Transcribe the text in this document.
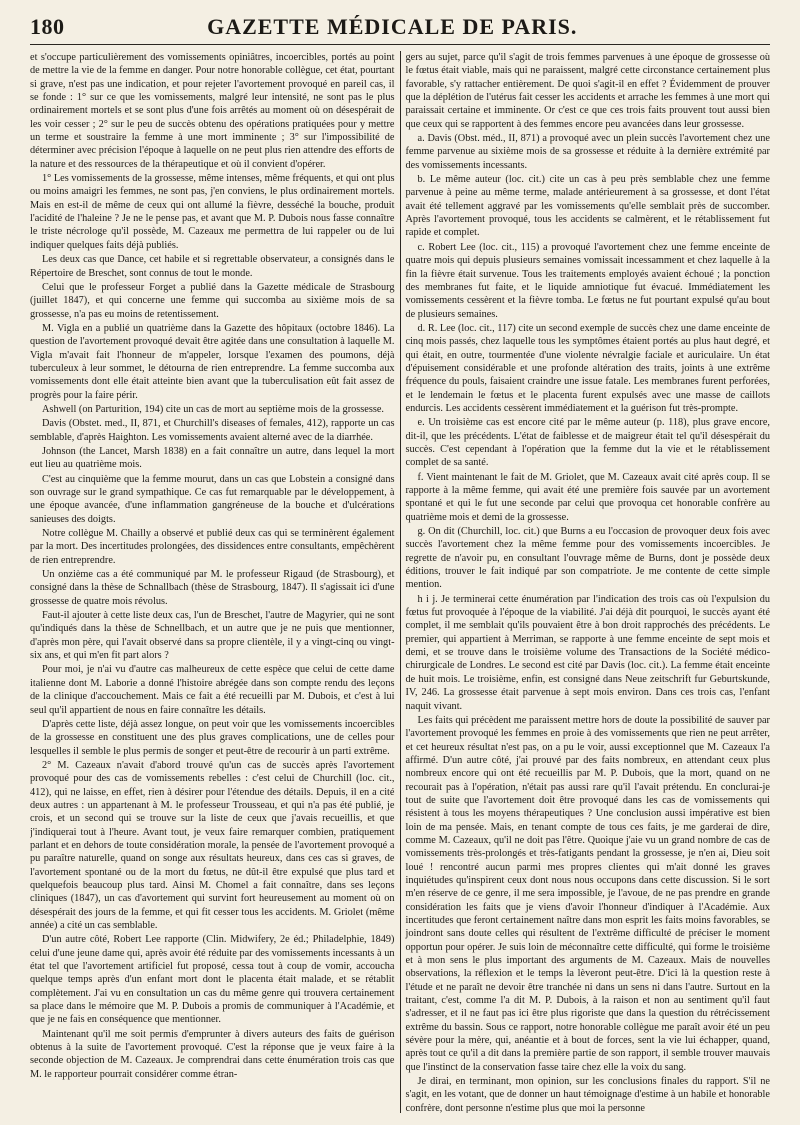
180	GAZETTE MÉDICALE DE PARIS.

et s'occupe particulièrement des vomissements opiniâtres, incoercibles, portés au point de mettre la vie de la femme en danger. Pour notre honorable collègue, cet état, pourtant si grave, n'est pas une indication, et pour rejeter l'avortement provoqué en pareil cas, il se fonde : 1° sur ce que les vomissements, malgré leur intensité, ne sont pas le plus ordinairement mortels et se sont plus d'une fois arrêtés au moment où on désespérait de les voir cesser ; 2° sur le peu de succès obtenu des opérations pratiquées pour y mettre un terme et soustraire la femme à une mort imminente ; 3° sur l'impossibilité de déterminer avec précision l'époque à laquelle on ne peut plus rien attendre des efforts de la nature et des ressources de la thérapeutique et où il convient d'opérer.

1° Les vomissements de la grossesse, même intenses, même fréquents, et qui ont plus ou moins amaigri les femmes, ne sont pas, j'en conviens, le plus ordinairement mortels. Mais en est-il de même de ceux qui ont allumé la fièvre, desséché la bouche, produit l'acidité de l'haleine ? Je ne le pense pas, et avant que M. P. Dubois nous fasse connaître le triste nécrologe qu'il possède, M. Cazeaux me permettra de lui rappeler ou de lui indiquer quelques faits déjà publiés.

Les deux cas que Dance, cet habile et si regrettable observateur, a consignés dans le Répertoire de Breschet, sont connus de tout le monde.

Celui que le professeur Forget a publié dans la Gazette médicale de Strasbourg (juillet 1847), et qui concerne une femme qui succomba au sixième mois de sa grossesse, n'a pas eu moins de retentissement.

M. Vigla en a publié un quatrième dans la Gazette des hôpitaux (octobre 1846). La question de l'avortement provoqué devait être agitée dans une consultation à laquelle M. Vigla m'avait fait l'honneur de m'appeler, lorsque l'examen des poumons, déjà tuberculeux à leur sommet, le détourna de rien entreprendre. La femme succomba aux vomissements dont elle était atteinte bien avant que la tuberculisation eût fait assez de progrès pour la faire périr.

Ashwell (on Parturition, 194) cite un cas de mort au septième mois de la grossesse.

Davis (Obstet. med., II, 871, et Churchill's diseases of females, 412), rapporte un cas semblable, d'après Haighton. Les vomissements avaient alterné avec de la diarrhée.

Johnson (the Lancet, Marsh 1838) en a fait connaître un autre, dans lequel la mort eut lieu au quatrième mois.

C'est au cinquième que la femme mourut, dans un cas que Lobstein a consigné dans son ouvrage sur le grand sympathique. Ce cas fut remarquable par le développement, à une époque avancée, d'une inflammation gangréneuse de la bouche et d'ulcérations sanieuses des doigts.

Notre collègue M. Chailly a observé et publié deux cas qui se terminèrent également par la mort. Des incertitudes prolongées, des dissidences entre consultants, empêchèrent de rien entreprendre.

Un onzième cas a été communiqué par M. le professeur Rigaud (de Strasbourg), et consigné dans la thèse de Schnallbach (thèse de Strasbourg, 1847). Il s'agissait ici d'une grossesse de quatre mois révolus.

Faut-il ajouter à cette liste deux cas, l'un de Breschet, l'autre de Magyrier, qui ne sont qu'indiqués dans la thèse de Schnellbach, et un autre que je ne puis que mentionner, d'après mon père, qui l'avait observé dans sa propre clientèle, il y a vingt-cinq ou vingt-six ans, et qui m'en fit part alors ?

Pour moi, je n'ai vu d'autre cas malheureux de cette espèce que celui de cette dame italienne dont M. Laborie a donné l'histoire abrégée dans son compte rendu des leçons de la clinique d'accouchement. Mais ce fait a été recueilli par M. Dubois, et c'est à lui seul qu'il appartient de nous en faire connaître les détails.

D'après cette liste, déjà assez longue, on peut voir que les vomissements incoercibles de la grossesse en constituent une des plus graves complications, une de celles pour lesquelles il semble le plus permis de songer et peut-être de recourir à un parti extrême.

2° M. Cazeaux n'avait d'abord trouvé qu'un cas de succès après l'avortement provoqué pour des cas de vomissements rebelles : c'est celui de Churchill (loc. cit., 412), qui ne laisse, en effet, rien à désirer pour l'étendue des détails. Depuis, il en a cité deux autres : un appartenant à M. le professeur Trousseau, et qui n'a pas été publié, je crois, et un second qui se trouve sur la liste de ceux que j'avais recueillis, et que j'indiquerai tout à l'heure. Avant tout, je veux faire remarquer combien, pratiquement parlant et en dehors de toute considération morale, la pensée de l'avortement provoqué a pu paraître naturelle, quand on songe aux résultats heureux, dans ces cas si graves, de l'avortement spontané ou de la mort du fœtus, ne dût-il être expulsé que plus tard et quelquefois beaucoup plus tard. Ainsi M. Chomel a fait connaître, dans ses leçons cliniques (1847), un cas d'avortement qui survint fort heureusement au moment où on désespérait des jours de la femme, et qui fit cesser tous les accidents. M. Griolet (même année) a cité un cas semblable.

D'un autre côté, Robert Lee rapporte (Clin. Midwifery, 2e éd.; Philadelphie, 1849) celui d'une jeune dame qui, après avoir été réduite par des vomissements incessants à un état tel que l'avortement artificiel fut proposé, cessa tout à coup de vomir, accoucha quelque temps après d'un enfant mort dont le placenta était malade, et se rétablit complètement. J'ai vu en consultation un cas du même genre qui trouvera certainement sa place dans le mémoire que M. P. Dubois a promis de communiquer à l'Académie, et que je ne fais en conséquence que mentionner.

Maintenant qu'il me soit permis d'emprunter à divers auteurs des faits de guérison obtenus à la suite de l'avortement provoqué. C'est la réponse que je veux faire à la seconde objection de M. Cazeaux. Je comprendrai dans cette énumération trois cas que M. le rapporteur pourrait considérer comme étran-

gers au sujet, parce qu'il s'agit de trois femmes parvenues à une époque de grossesse où le fœtus était viable, mais qui ne paraissent, malgré cette circonstance certainement plus favorable, s'y rattacher entièrement. De quoi s'agit-il en effet ? Évidemment de prouver que la déplétion de l'utérus fait cesser les accidents et arrache les femmes à une mort qui paraissait certaine et imminente. Or c'est ce que ces trois faits prouvent tout aussi bien que ceux qui se rapportent à des femmes encore peu avancées dans leur grossesse.

a. Davis (Obst. méd., II, 871) a provoqué avec un plein succès l'avortement chez une femme parvenue au sixième mois de sa grossesse et réduite à la dernière extrémité par des vomissements incessants.

b. Le même auteur (loc. cit.) cite un cas à peu près semblable chez une femme parvenue à peine au même terme, malade antérieurement à sa grossesse, et dont l'état avait été tellement aggravé par les vomissements qu'elle semblait près de succomber. Après l'avortement provoqué, tous les accidents se calmèrent, et le rétablissement fut rapide et complet.

c. Robert Lee (loc. cit., 115) a provoqué l'avortement chez une femme enceinte de quatre mois qui depuis plusieurs semaines vomissait incessamment et chez laquelle à la fin la fièvre était survenue. Tous les traitements employés avaient échoué ; la ponction des membranes fut faite, et le liquide amniotique fut évacué. Immédiatement les vomissements cessèrent et la fièvre tomba. Le fœtus ne fut pourtant expulsé qu'au bout de plusieurs semaines.

d. R. Lee (loc. cit., 117) cite un second exemple de succès chez une dame enceinte de cinq mois passés, chez laquelle tous les symptômes étaient portés au plus haut degré, et qui était, en outre, tourmentée d'une violente névralgie faciale et auriculaire. Un état d'épuisement considérable et une profonde altération des traits, joints à une extrême fréquence du pouls, faisaient craindre une issue fatale. Les membranes furent perforées, et le lendemain le fœtus et le placenta furent expulsés avec une masse de caillots endurcis. Les accidents cessèrent immédiatement et la guérison fut très-prompte.

e. Un troisième cas est encore cité par le même auteur (p. 118), plus grave encore, dit-il, que les précédents. L'état de faiblesse et de maigreur était tel qu'il désespérait du succès. C'est cependant à l'opération que la femme dut la vie et le rétablissement complet de sa santé.

f. Vient maintenant le fait de M. Griolet, que M. Cazeaux avait cité après coup. Il se rapporte à la même femme, qui avait été une première fois sauvée par un avortement spontané et qui le fut une seconde par celui que provoqua cet honorable confrère au quatrième mois et demi de la grossesse.

g. On dit (Churchill, loc. cit.) que Burns a eu l'occasion de provoquer deux fois avec succès l'avortement chez la même femme pour des vomissements incoercibles. Je regrette de n'avoir pu, en consultant l'ouvrage même de Burns, dont je possède deux éditions, trouver le fait indiqué par son compatriote. Je me contente de cette simple mention.

h i j. Je terminerai cette énumération par l'indication des trois cas où l'expulsion du fœtus fut provoquée à l'époque de la viabilité. J'ai déjà dit pourquoi, le succès ayant été complet, il me semblait qu'ils pouvaient être à bon droit rapprochés des précédents. Le premier, qui appartient à Merriman, se rapporte à une femme enceinte de sept mois et demi, et se trouve dans le troisième volume des Transactions de la Société médico-chirurgicale de Londres. Le second est cité par Davis (loc. cit.). La femme était enceinte de huit mois. Le troisième, enfin, est consigné dans Neue zeitschrift fur Geburtskunde, IV, 246. La grossesse était parvenue à sept mois environ. Dans ces trois cas, l'enfant naquit vivant.

Les faits qui précèdent me paraissent mettre hors de doute la possibilité de sauver par l'avortement provoqué les femmes en proie à des vomissements que rien ne peut arrêter, et cet heureux résultat n'est pas, on a pu le voir, aussi exceptionnel que M. Cazeaux l'a affirmé. D'un autre côté, j'ai prouvé par des faits nombreux, en attendant ceux plus nombreux encore qui ont été recueillis par M. P. Dubois, que la mort, quand on ne recourait pas à l'opération, n'était pas aussi rare qu'il l'avait prétendu. En conclurai-je tout de suite que l'avortement doit être provoqué dans les cas de vomissements qui résistent à tous les moyens thérapeutiques ? Une conclusion aussi impérative est bien loin de ma pensée. Mais, en tenant compte de tous ces faits, je me garderai de dire, comme M. Cazeaux, qu'il ne doit pas l'être. Quoique j'aie vu un grand nombre de cas de vomissements très-prolongés et très-fatigants pendant la grossesse, je n'en ai, Dieu soit loué ! rencontré aucun parmi mes propres clientes qui m'ait donné les graves inquiétudes qu'inspirent ceux dont nous nous occupons dans cette discussion. Si le sort m'en réserve de ce genre, il me sera impossible, je l'avoue, de ne pas prendre en grande considération les faits que je viens d'avoir l'honneur d'indiquer à l'Académie. Aux incertitudes que feront certainement naître dans mon esprit les faits moins favorables, se joindront sans doute celles qui résultent de l'extrême difficulté de préciser le moment opportun pour opérer. Je suis loin de méconnaître cette difficulté, qui forme le troisième et à mon sens le plus important des arguments de M. Cazeaux. Mais de nouvelles observations, la réflexion et le temps la lèveront peut-être. D'ici là la question reste à l'étude et ne paraît ne devoir être tranchée ni dans un sens ni dans l'autre. Surtout en la traitant, c'est, comme l'a dit M. P. Dubois, à la raison et non au sentiment qu'il faut s'adresser, et il ne faut pas ici être plus rigoriste que dans la question du rétrécissement extrême du bassin. Sous ce rapport, notre honorable collègue me paraît avoir été un peu sévère pour la mère, qui, anéantie et à bout de forces, sent la vie lui échapper, quand, après tout ce qu'il a dit dans la première partie de son rapport, il semble trouver mauvais que l'instinct de la conservation fasse taire chez elle la voix du sang.

Je dirai, en terminant, mon opinion, sur les conclusions finales du rapport. S'il ne s'agit, en les votant, que de donner un haut témoignage d'estime à un habile et honorable confrère, dont personne n'estime plus que moi la personne
